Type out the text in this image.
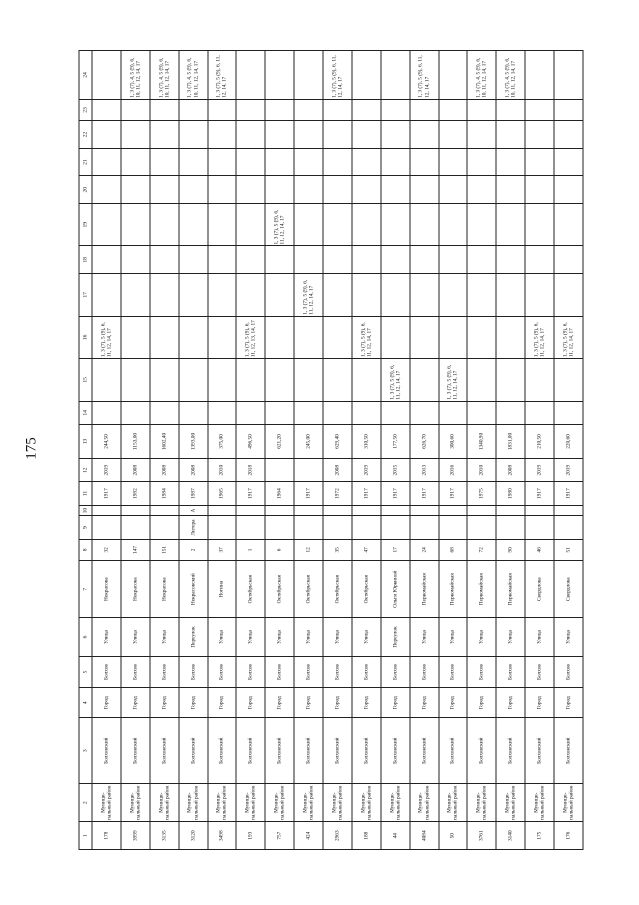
175
1	2	3	4	5	6	7	8	9	10	11	12	13	14	15	16	17	18	19	20	21	22	23	24
178	Муници-пальный район	Болховский	Город	Болхов	Улица	Некрасова	32			1917	2019	244,50			1, 3 (7), 5 (9), 6, 11, 12, 14, 17								
3999	Муници-пальный район	Болховский	Город	Болхов	Улица	Некрасова	147			1982	2008	1153,00											1, 3 (7), 4, 5 (9), 6, 10, 11, 12, 14, 17
3135	Муници-пальный район	Болховский	Город	Болхов	Улица	Некрасова	151			1984	2008	1602,40											1, 3 (7), 4, 5 (9), 6, 10, 11, 12, 14, 17
3120	Муници-пальный район	Болховский	Город	Болхов	Переулок	Некрасовский	2	Литера	А	1987	2008	1393,00											1, 3 (7), 4, 5 (9), 6, 10, 11, 12, 14, 17
3498	Муници-пальный район	Болховский	Город	Болхов	Улица	Ногина	37			1965	2010	375,00											1, 3 (7), 5 (9), 6, 11, 12, 14, 17
193	Муници-пальный район	Болховский	Город	Болхов	Улица	Октябрьская	1			1917	2018	496,50			1, 3 (7), 5 (9), 6, 11, 12, 13, 14, 17								
757	Муници-пальный район	Болховский	Город	Болхов	Улица	Октябрьская	6			1964		621,20						1, 3 (7), 5 (9), 6, 11, 12, 14, 17					
424	Муници-пальный район	Болховский	Город	Болхов	Улица	Октябрьская	12			1917		245,00				1, 3 (7), 5 (9), 6, 11, 12, 14, 17							
2963	Муници-пальный район	Болховский	Город	Болхов	Улица	Октябрьская	35			1972	2008	629,40											1, 3 (7), 5 (9), 6, 11, 12, 14, 17
188	Муници-пальный район	Болховский	Город	Болхов	Улица	Октябрьская	47			1917	2019	310,50			1, 3 (7), 5 (9), 6, 11, 12, 14, 17								
44	Муници-пальный район	Болховский	Город	Болхов	Переулок	Ольги Юркиной	17			1917	2015	177,50		1, 3 (7), 5 (9), 6, 11, 12, 14, 17									
4084	Муници-пальный район	Болховский	Город	Болхов	Улица	Первомайская	24			1917	2013	626,70											1, 3 (7), 5 (9), 6, 11, 12, 14, 17
50	Муници-пальный район	Болховский	Город	Болхов	Улица	Первомайская	68			1917	2016	300,60		1, 3 (7), 5 (9), 6, 11, 12, 14, 17									
3761	Муници-пальный район	Болховский	Город	Болхов	Улица	Первомайская	72			1975	2010	1340,90											1, 3 (7), 4, 5 (9), 6, 10, 11, 12, 14, 17
3140	Муници-пальный район	Болховский	Город	Болхов	Улица	Первомайская	90			1980	2008	1831,00											1, 3 (7), 4, 5 (9), 6, 10, 11, 12, 14, 17
175	Муници-пальный район	Болховский	Город	Болхов	Улица	Свердлова	46			1917	2019	210,50			1, 3 (7), 5 (9), 6, 11, 12, 14, 17								
176	Муници-пальный район	Болховский	Город	Болхов	Улица	Свердлова	51			1917	2019	220,60			1, 3 (7), 5 (9), 6, 11, 12, 14, 17								
